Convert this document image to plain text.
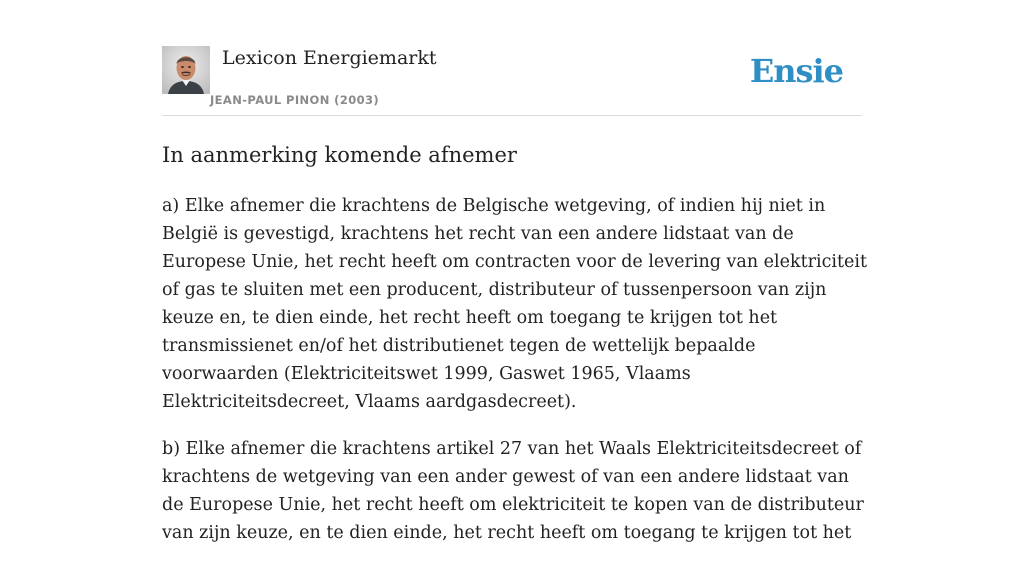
Lexicon Energiemarkt
JEAN-PAUL PINON (2003)
Ensie
In aanmerking komende afnemer

a) Elke afnemer die krachtens de Belgische wetgeving, of indien hij niet in België is gevestigd, krachtens het recht van een andere lidstaat van de Europese Unie, het recht heeft om contracten voor de levering van elektriciteit of gas te sluiten met een producent, distributeur of tussenpersoon van zijn keuze en, te dien einde, het recht heeft om toegang te krijgen tot het transmissienet en/of het distributienet tegen de wettelijk bepaalde voorwaarden (Elektriciteitswet 1999, Gaswet 1965, Vlaams Elektriciteitsdecreet, Vlaams aardgasdecreet).

b) Elke afnemer die krachtens artikel 27 van het Waals Elektriciteitsdecreet of krachtens de wetgeving van een ander gewest of van een andere lidstaat van de Europese Unie, het recht heeft om elektriciteit te kopen van de distributeur van zijn keuze, en te dien einde, het recht heeft om toegang te krijgen tot het
